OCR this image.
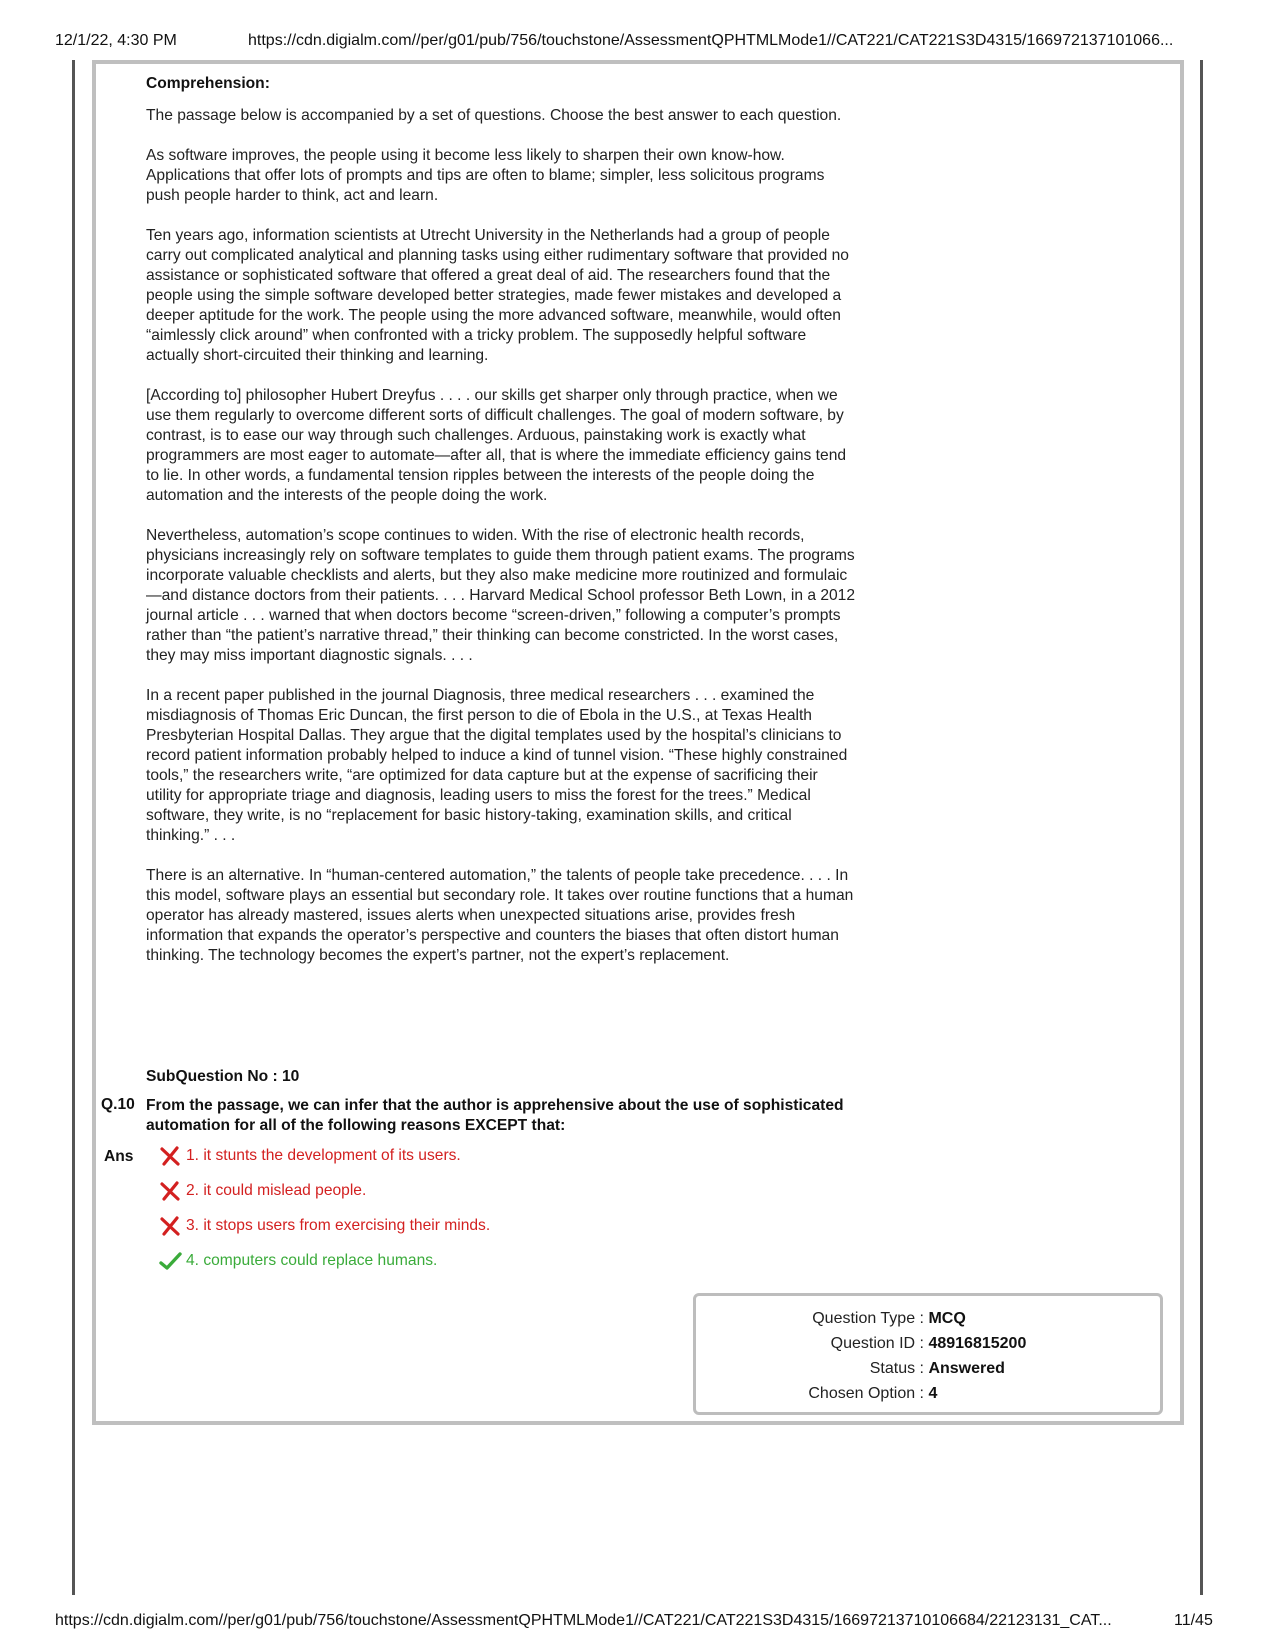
12/1/22, 4:30 PM	https://cdn.digialm.com//per/g01/pub/756/touchstone/AssessmentQPHTMLMode1//CAT221/CAT221S3D4315/166972137101066...
Comprehension:

The passage below is accompanied by a set of questions. Choose the best answer to each question.

As software improves, the people using it become less likely to sharpen their own know-how. Applications that offer lots of prompts and tips are often to blame; simpler, less solicitous programs push people harder to think, act and learn.

Ten years ago, information scientists at Utrecht University in the Netherlands had a group of people carry out complicated analytical and planning tasks using either rudimentary software that provided no assistance or sophisticated software that offered a great deal of aid. The researchers found that the people using the simple software developed better strategies, made fewer mistakes and developed a deeper aptitude for the work. The people using the more advanced software, meanwhile, would often “aimlessly click around” when confronted with a tricky problem. The supposedly helpful software actually short-circuited their thinking and learning.

[According to] philosopher Hubert Dreyfus . . . . our skills get sharper only through practice, when we use them regularly to overcome different sorts of difficult challenges. The goal of modern software, by contrast, is to ease our way through such challenges. Arduous, painstaking work is exactly what programmers are most eager to automate—after all, that is where the immediate efficiency gains tend to lie. In other words, a fundamental tension ripples between the interests of the people doing the automation and the interests of the people doing the work.

Nevertheless, automation’s scope continues to widen. With the rise of electronic health records, physicians increasingly rely on software templates to guide them through patient exams. The programs incorporate valuable checklists and alerts, but they also make medicine more routinized and formulaic—and distance doctors from their patients. . . . Harvard Medical School professor Beth Lown, in a 2012 journal article . . . warned that when doctors become “screen-driven,” following a computer’s prompts rather than “the patient’s narrative thread,” their thinking can become constricted. In the worst cases, they may miss important diagnostic signals. . . .

In a recent paper published in the journal Diagnosis, three medical researchers . . . examined the misdiagnosis of Thomas Eric Duncan, the first person to die of Ebola in the U.S., at Texas Health Presbyterian Hospital Dallas. They argue that the digital templates used by the hospital’s clinicians to record patient information probably helped to induce a kind of tunnel vision. “These highly constrained tools,” the researchers write, “are optimized for data capture but at the expense of sacrificing their utility for appropriate triage and diagnosis, leading users to miss the forest for the trees.” Medical software, they write, is no “replacement for basic history-taking, examination skills, and critical thinking.” . . .

There is an alternative. In “human-centered automation,” the talents of people take precedence. . . . In this model, software plays an essential but secondary role. It takes over routine functions that a human operator has already mastered, issues alerts when unexpected situations arise, provides fresh information that expands the operator’s perspective and counters the biases that often distort human thinking. The technology becomes the expert’s partner, not the expert’s replacement.

SubQuestion No : 10
Q.10 From the passage, we can infer that the author is apprehensive about the use of sophisticated automation for all of the following reasons EXCEPT that:
Ans	1. it stunts the development of its users.
2. it could mislead people.
3. it stops users from exercising their minds.
4. computers could replace humans.
Question Type : MCQ
Question ID : 48916815200
Status : Answered
Chosen Option : 4
https://cdn.digialm.com//per/g01/pub/756/touchstone/AssessmentQPHTMLMode1//CAT221/CAT221S3D4315/16697213710106684/22123131_CAT...	11/45
